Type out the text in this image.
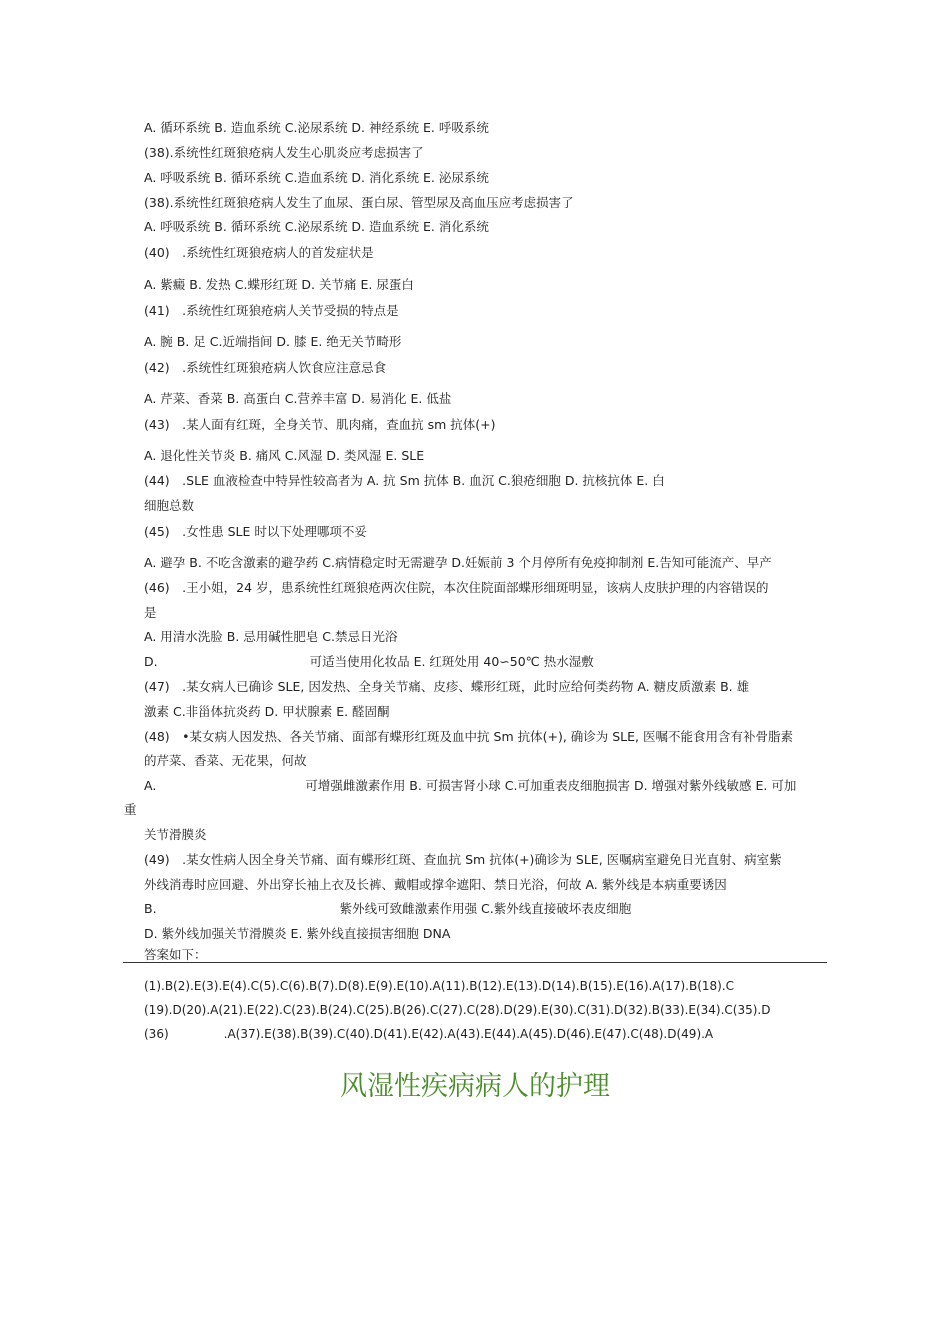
A. 循环系统 B. 造血系统 C.泌尿系统 D. 神经系统 E. 呼吸系统
(38).系统性红斑狼疮病人发生心肌炎应考虑损害了
A. 呼吸系统 B. 循环系统 C.造血系统 D. 消化系统 E. 泌尿系统
(38).系统性红斑狼疮病人发生了血尿、蛋白尿、管型尿及高血压应考虑损害了
A. 呼吸系统 B. 循环系统 C.泌尿系统 D. 造血系统 E. 消化系统
(40)　.系统性红斑狼疮病人的首发症状是
A. 紫癜 B. 发热 C.蝶形红斑 D. 关节痛 E. 尿蛋白
(41)　.系统性红斑狼疮病人关节受损的特点是
A. 腕 B. 足 C.近端指间 D. 膝 E. 绝无关节畸形
(42)　.系统性红斑狼疮病人饮食应注意忌食
A. 芹菜、香菜 B. 高蛋白 C.营养丰富 D. 易消化 E. 低盐
(43)　.某人面有红斑，全身关节、肌肉痛，查血抗 sm 抗体(+)
A. 退化性关节炎 B. 痛风 C.风湿 D. 类风湿 E. SLE
(44)　.SLE 血液检查中特异性较高者为 A. 抗 Sm 抗体 B. 血沉 C.狼疮细胞 D. 抗核抗体 E. 白
细胞总数
(45)　.女性患 SLE 时以下处理哪项不妥
A. 避孕 B. 不吃含激素的避孕药 C.病情稳定时无需避孕 D.妊娠前 3 个月停所有免疫抑制剂 E.告知可能流产、早产
(46)　.王小姐，24 岁，患系统性红斑狼疮两次住院，本次住院面部蝶形细斑明显，该病人皮肤护理的内容错误的
是
A. 用清水洗脸 B. 忌用碱性肥皂 C.禁忌日光浴
D.	可适当使用化妆品 E. 红斑处用 40∽50℃ 热水湿敷
(47)　.某女病人已确诊 SLE, 因发热、全身关节痛、皮疹、蝶形红斑，此时应给何类药物 A. 糖皮质激素 B. 雄
激素 C.非甾体抗炎药 D. 甲状腺素 E. 醛固酮
(48)　•某女病人因发热、各关节痛、面部有蝶形红斑及血中抗 Sm 抗体(+), 确诊为 SLE, 医嘱不能食用含有补骨脂素
的芹菜、香菜、无花果，何故
A.	可增强雌激素作用 B. 可损害肾小球 C.可加重表皮细胞损害 D. 增强对紫外线敏感 E. 可加
重
关节滑膜炎
(49)　.某女性病人因全身关节痛、面有蝶形红斑、查血抗 Sm 抗体(+)确诊为 SLE, 医嘱病室避免日光直射、病室紫
外线消毒时应回避、外出穿长袖上衣及长裤、戴帽或撑伞遮阳、禁日光浴，何故 A. 紫外线是本病重要诱因
B.	紫外线可致雌激素作用强 C.紫外线直接破坏表皮细胞
D. 紫外线加强关节滑膜炎 E. 紫外线直接损害细胞 DNA
答案如下：
(1).B(2).E(3).E(4).C(5).C(6).B(7).D(8).E(9).E(10).A(11).B(12).E(13).D(14).B(15).E(16).A(17).B(18).C
(19).D(20).A(21).E(22).C(23).B(24).C(25).B(26).C(27).C(28).D(29).E(30).C(31).D(32).B(33).E(34).C(35).D
(36)	.A(37).E(38).B(39).C(40).D(41).E(42).A(43).E(44).A(45).D(46).E(47).C(48).D(49).A
风湿性疾病病人的护理
